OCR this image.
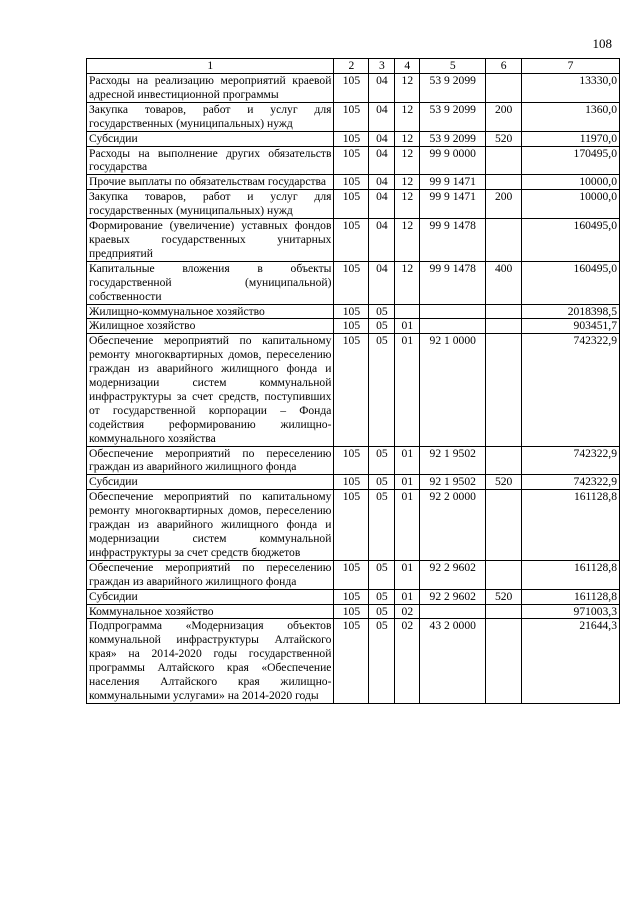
108
1	2	3	4	5	6	7
Расходы на реализацию мероприятий краевой адресной инвестиционной программы	105	04	12	53 9 2099		13330,0
Закупка товаров, работ и услуг для государственных (муниципальных) нужд	105	04	12	53 9 2099	200	1360,0
Субсидии	105	04	12	53 9 2099	520	11970,0
Расходы на выполнение других обязательств государства	105	04	12	99 9 0000		170495,0
Прочие выплаты по обязательствам государства	105	04	12	99 9 1471		10000,0
Закупка товаров, работ и услуг для государственных (муниципальных) нужд	105	04	12	99 9 1471	200	10000,0
Формирование (увеличение) уставных фондов краевых государственных унитарных предприятий	105	04	12	99 9 1478		160495,0
Капитальные вложения в объекты государственной (муниципальной) собственности	105	04	12	99 9 1478	400	160495,0
Жилищно-коммунальное хозяйство	105	05				2018398,5
Жилищное хозяйство	105	05	01			903451,7
Обеспечение мероприятий по капитальному ремонту многоквартирных домов, переселению граждан из аварийного жилищного фонда и модернизации систем коммунальной инфраструктуры за счет средств, поступивших от государственной корпорации – Фонда содействия реформированию жилищно-коммунального хозяйства	105	05	01	92 1 0000		742322,9
Обеспечение мероприятий по переселению граждан из аварийного жилищного фонда	105	05	01	92 1 9502		742322,9
Субсидии	105	05	01	92 1 9502	520	742322,9
Обеспечение мероприятий по капитальному ремонту многоквартирных домов, переселению граждан из аварийного жилищного фонда и модернизации систем коммунальной инфраструктуры за счет средств бюджетов	105	05	01	92 2 0000		161128,8
Обеспечение мероприятий по переселению граждан из аварийного жилищного фонда	105	05	01	92 2 9602		161128,8
Субсидии	105	05	01	92 2 9602	520	161128,8
Коммунальное хозяйство	105	05	02			971003,3
Подпрограмма «Модернизация объектов коммунальной инфраструктуры Алтайского края» на 2014-2020 годы государственной программы Алтайского края «Обеспечение населения Алтайского края жилищно-коммунальными услугами» на 2014-2020 годы	105	05	02	43 2 0000		21644,3
